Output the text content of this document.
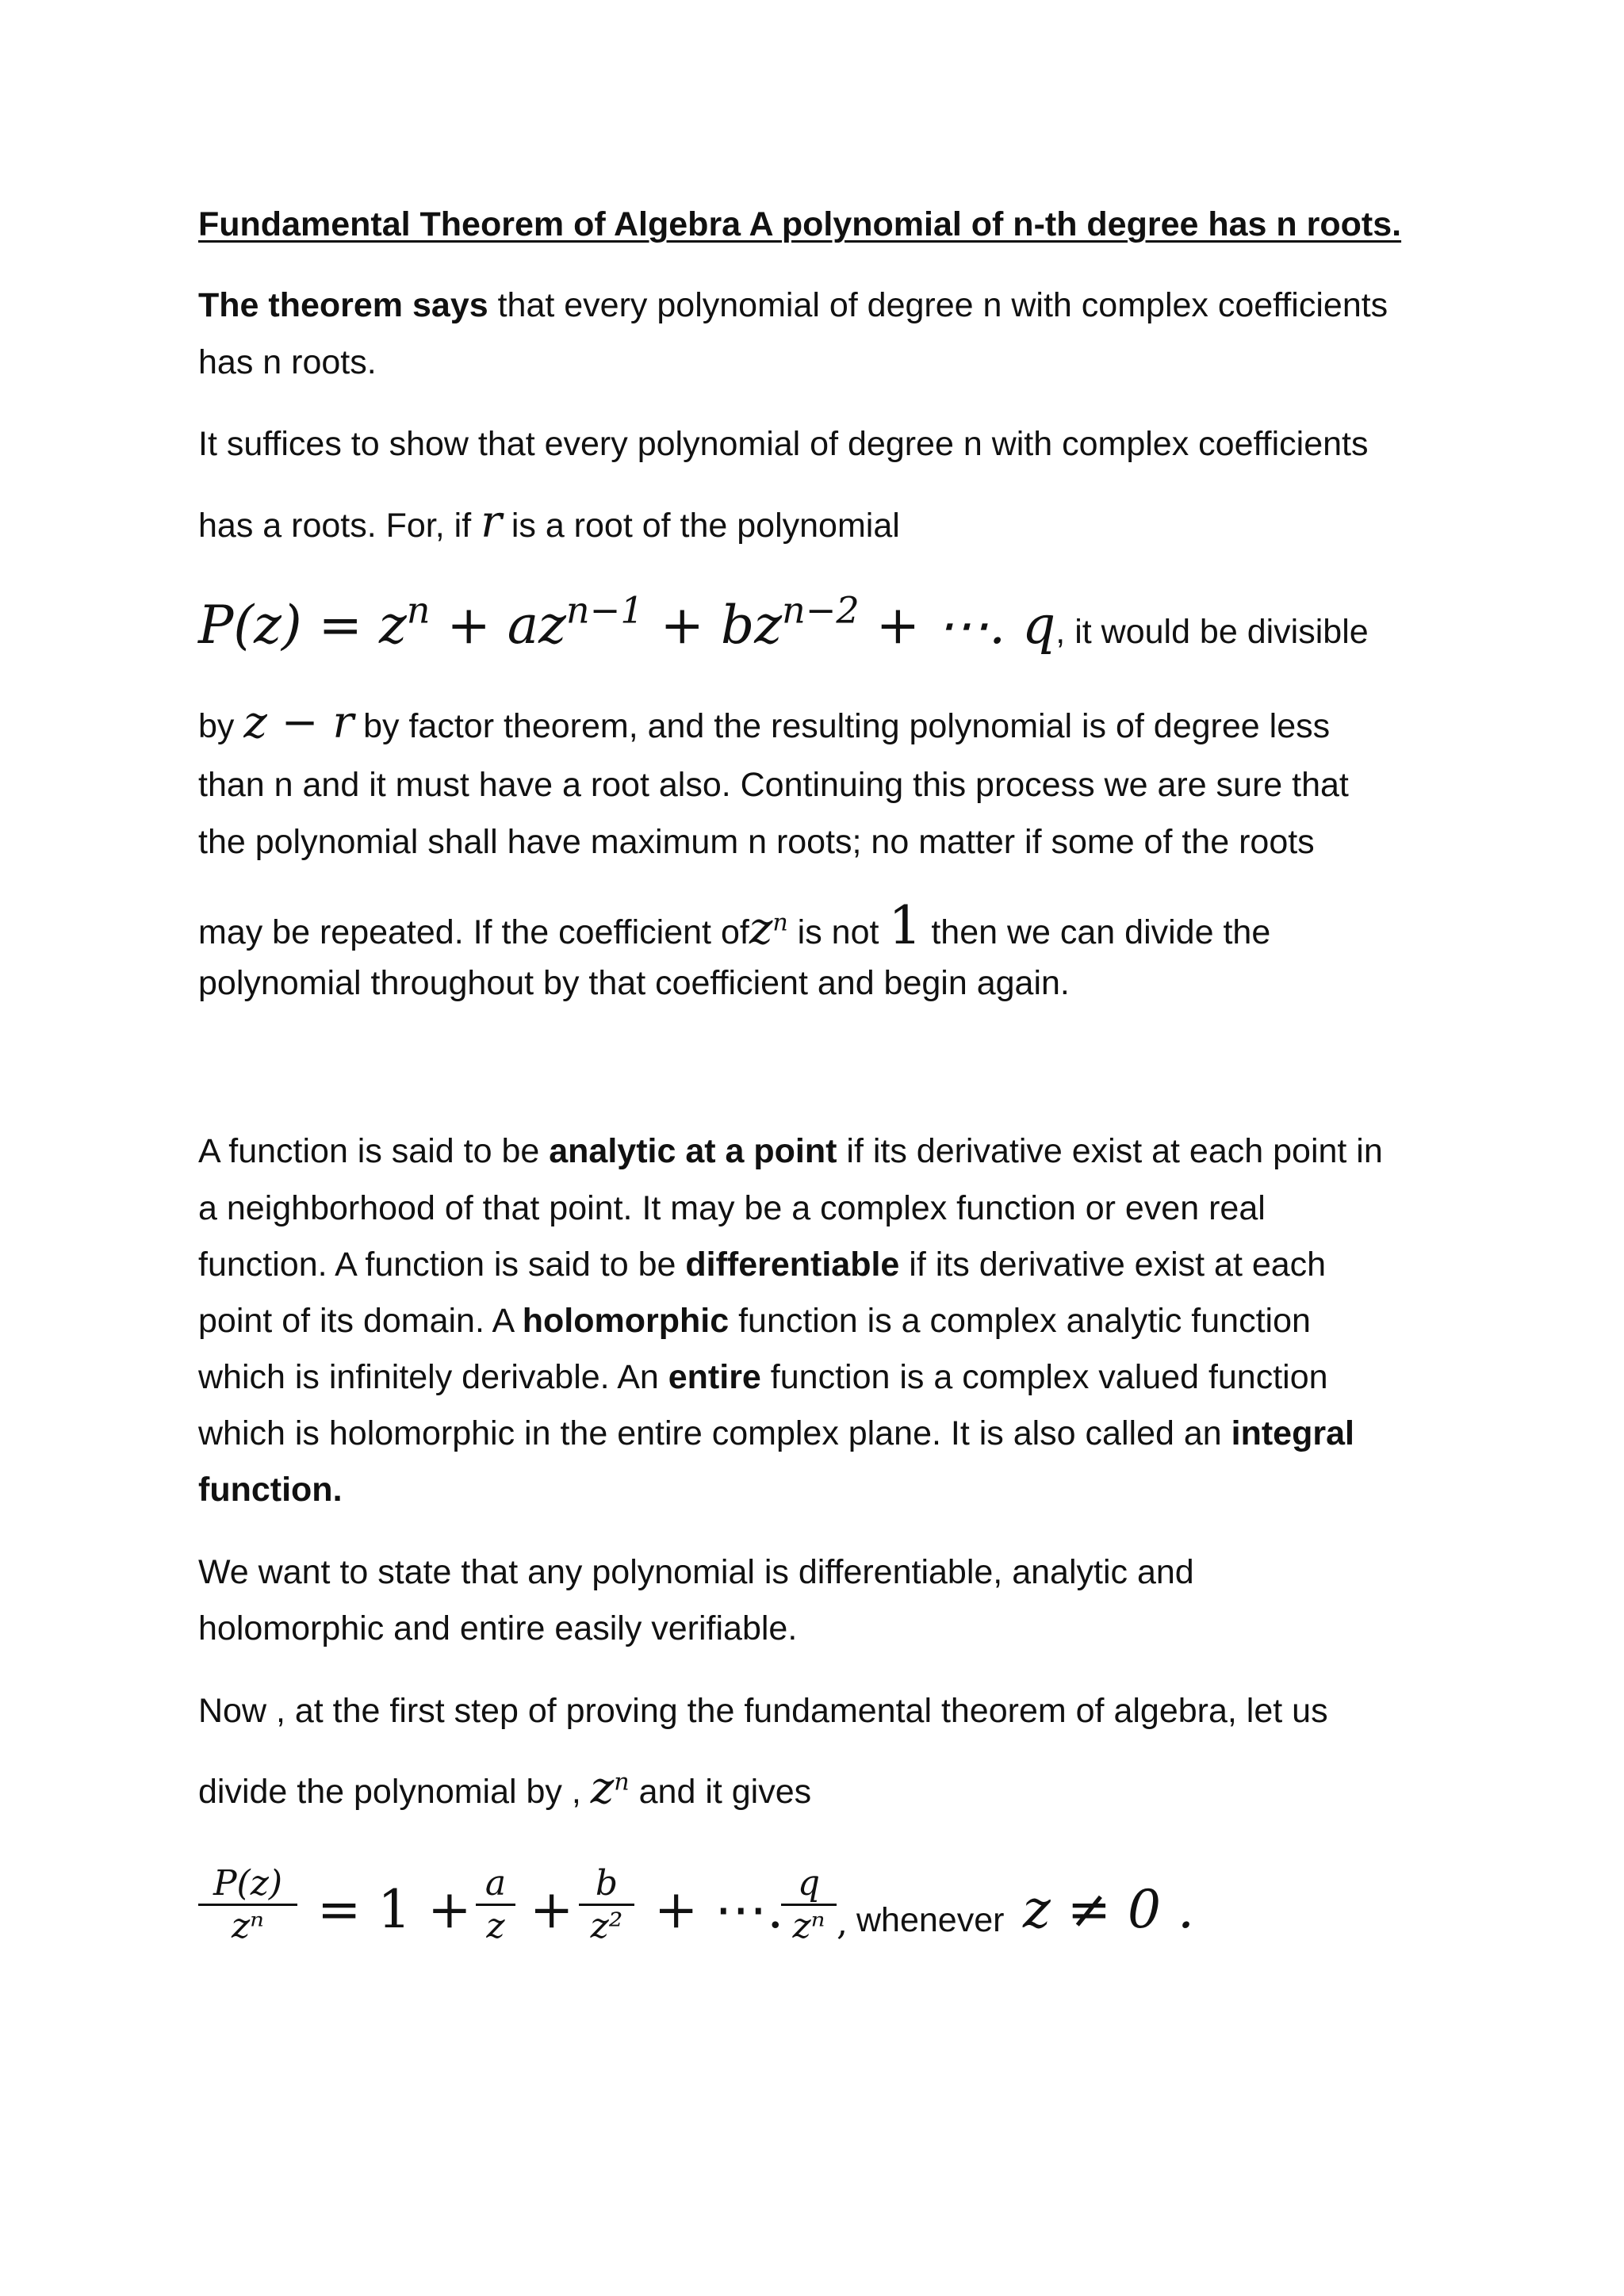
Fundamental Theorem of Algebra A polynomial of n-th degree has n roots.
The theorem says that every polynomial of degree n with complex coefficients
has n roots.
It suffices to show that every polynomial of degree n with complex coefficients
has a roots. For, if r is a root of the polynomial
$P(z) = z^n + az^{n-1} + bz^{n-2}$ + ⋯. q, it would be divisible
by z − r by factor theorem, and the resulting polynomial is of degree less
than n and it must have a root also. Continuing this process we are sure that
the polynomial shall have maximum n roots; no matter if some of the roots
may be repeated. If the coefficient ofz$^n$ is not 1 then we can divide the
polynomial throughout by that coefficient and begin again.
A function is said to be analytic at a point if its derivative exist at each point in
a neighborhood of that point. It may be a complex function or even real
function. A function is said to be differentiable if its derivative exist at each
point of its domain. A holomorphic function is a complex analytic function
which is infinitely derivable. An entire function is a complex valued function
which is holomorphic in the entire complex plane. It is also called an integral
function.
We want to state that any polynomial is differentiable, analytic and
holomorphic and entire easily verifiable.
Now , at the first step of proving the fundamental theorem of algebra, let us
divide the polynomial by , $z^n$ and it gives
P(z)
zⁿ	= 1 + a
z + b
z² + ⋯. q
zⁿ , whenever z ≠ 0 .
